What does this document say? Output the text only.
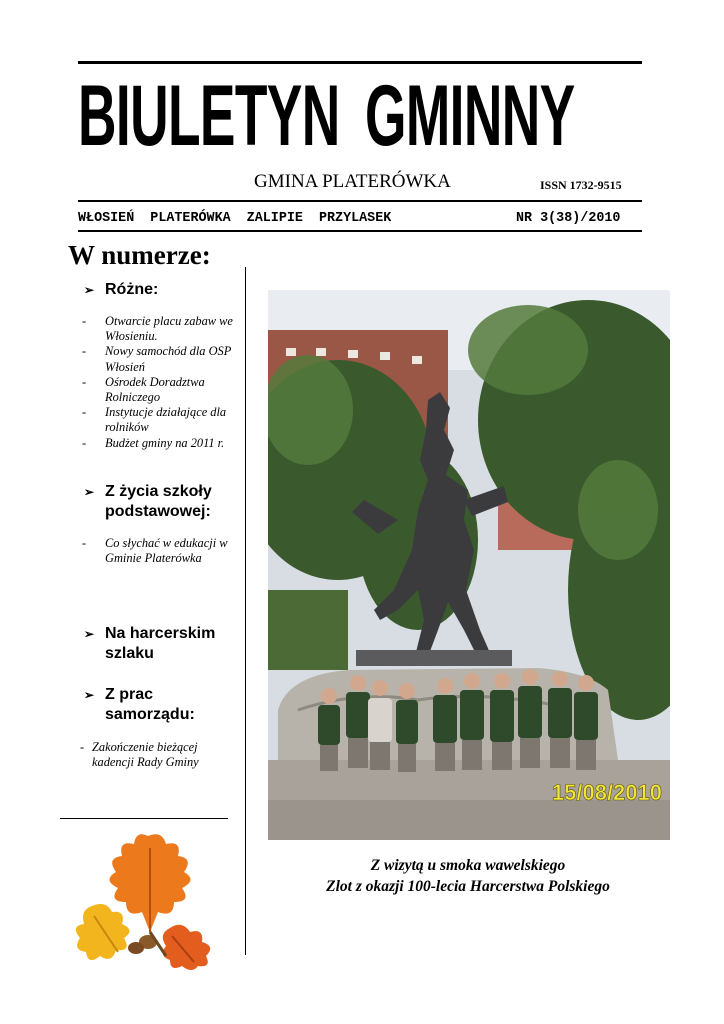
BIULETYN GMINNY
GMINA PLATERÓWKA	ISSN 1732-9515
WŁOSIEŃ PLATERÓWKA ZALIPIE PRZYLASEK	NR 3(38)/2010
W numerze:
➢ Różne:
- Otwarcie placu zabaw we Włosieniu.
- Nowy samochód dla OSP Włosień
- Ośrodek Doradztwa Rolniczego
- Instytucje działające dla rolników
- Budżet gminy na 2011 r.
➢ Z życia szkoły podstawowej:
- Co słychać w edukacji w Gminie Platerówka
➢ Na harcerskim szlaku
➢ Z prac samorządu:
- Zakończenie bieżącej kadencji Rady Gminy
15/08/2010
Z wizytą u smoka wawelskiego
Zlot z okazji 100-lecia Harcerstwa Polskiego
